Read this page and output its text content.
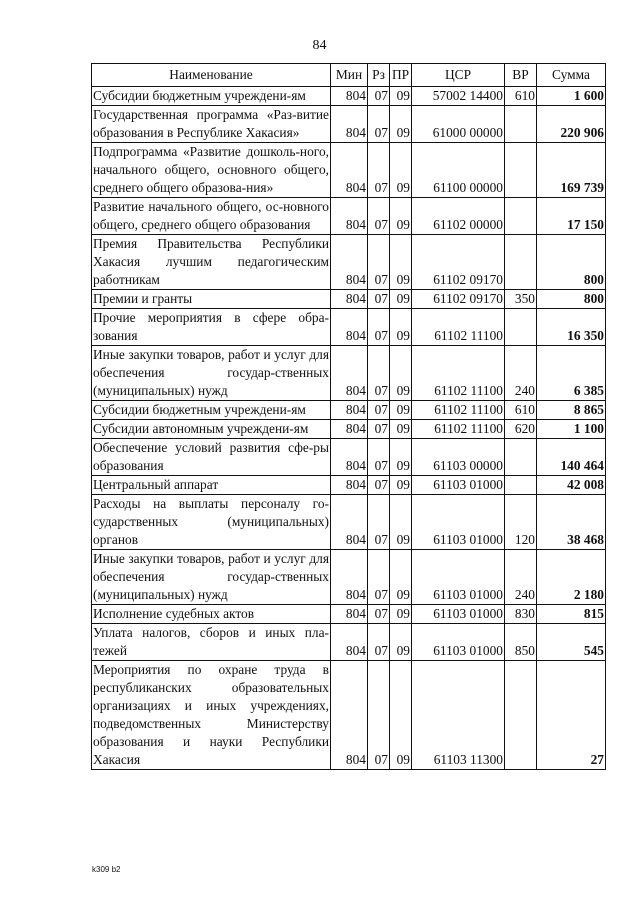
84
Наименование	Мин	Рз	ПР	ЦСР	ВР	Сумма
Субсидии бюджетным учреждени-ям	804	07	09	57002 14400	610	1 600
Государственная программа «Раз-витие образования в Республике Хакасия»	804	07	09	61000 00000		220 906
Подпрограмма «Развитие дошколь-ного, начального общего, основного общего, среднего общего образова-ния»	804	07	09	61100 00000		169 739
Развитие начального общего, ос-новного общего, среднего общего образования	804	07	09	61102 00000		17 150
Премия Правительства Республики Хакасия лучшим педагогическим работникам	804	07	09	61102 09170		800
Премии и гранты	804	07	09	61102 09170	350	800
Прочие мероприятия в сфере обра-зования	804	07	09	61102 11100		16 350
Иные закупки товаров, работ и услуг для обеспечения государ-ственных (муниципальных) нужд	804	07	09	61102 11100	240	6 385
Субсидии бюджетным учреждени-ям	804	07	09	61102 11100	610	8 865
Субсидии автономным учреждени-ям	804	07	09	61102 11100	620	1 100
Обеспечение условий развития сфе-ры образования	804	07	09	61103 00000		140 464
Центральный аппарат	804	07	09	61103 01000		42 008
Расходы на выплаты персоналу го-сударственных (муниципальных) органов	804	07	09	61103 01000	120	38 468
Иные закупки товаров, работ и услуг для обеспечения государ-ственных (муниципальных) нужд	804	07	09	61103 01000	240	2 180
Исполнение судебных актов	804	07	09	61103 01000	830	815
Уплата налогов, сборов и иных пла-тежей	804	07	09	61103 01000	850	545
Мероприятия по охране труда в республиканских образовательных организациях и иных учреждениях, подведомственных Министерству образования и науки Республики Хакасия	804	07	09	61103 11300		27
k309 b2
